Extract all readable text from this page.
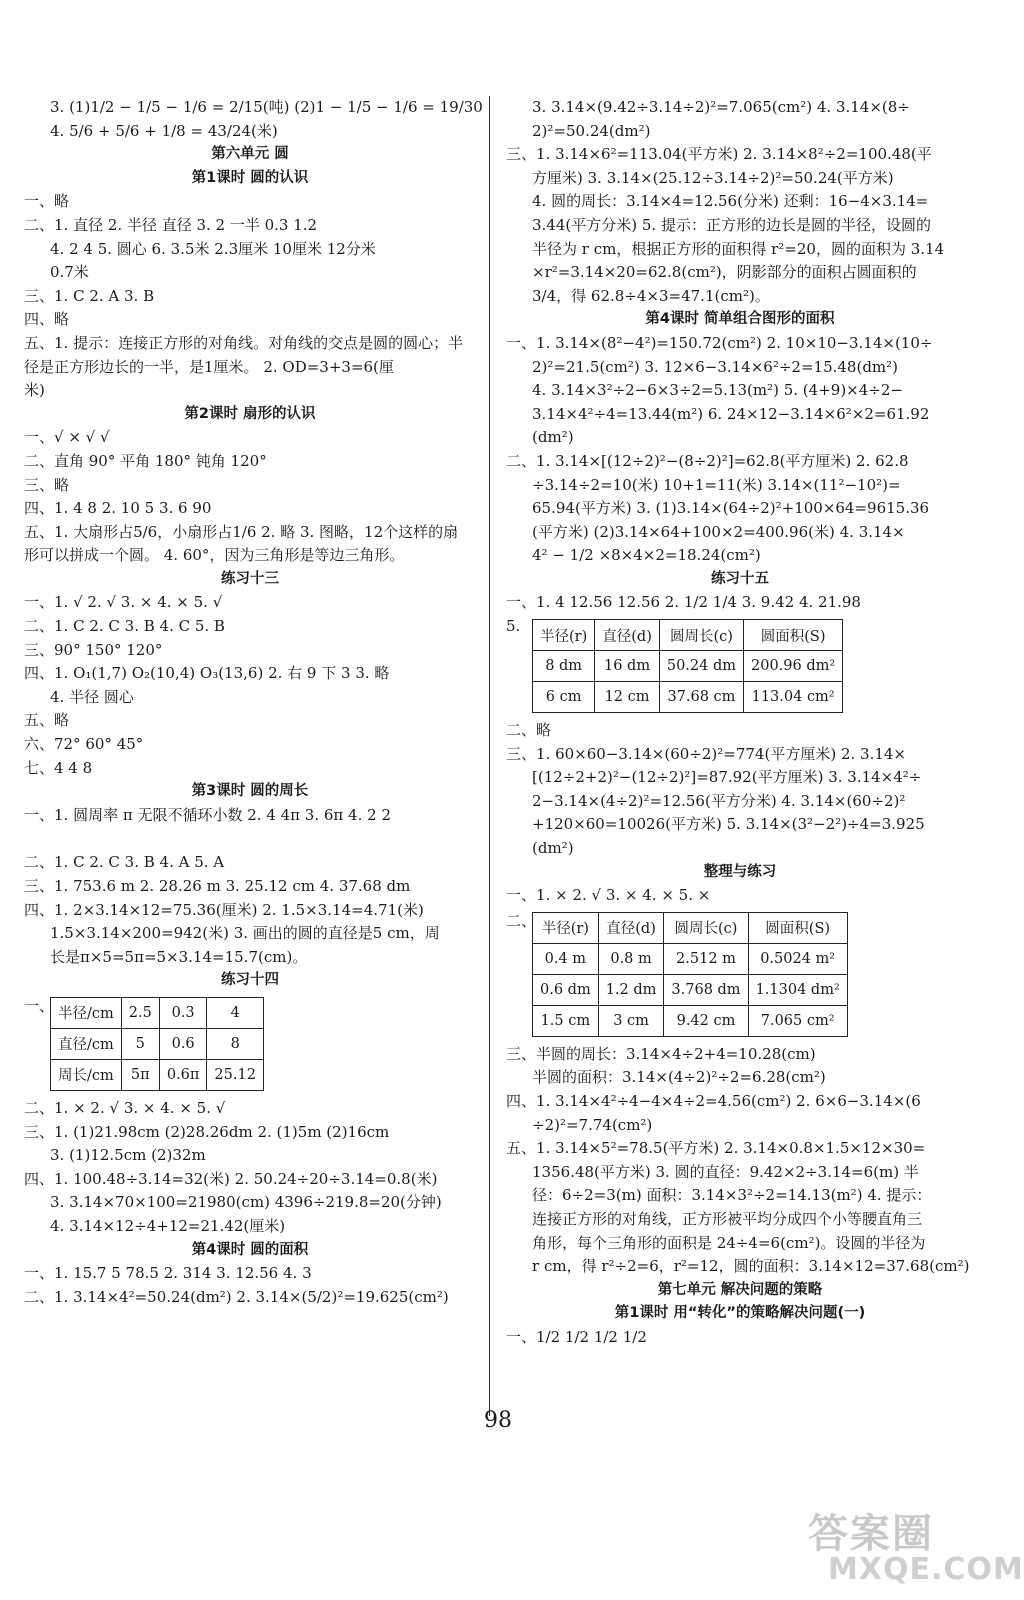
3. (1)1/2 − 1/5 − 1/6 = 2/15(吨) (2)1 − 1/5 − 1/6 = 19/30
4. 5/6 + 5/6 + 1/8 = 43/24(米)
第六单元 圆
第1课时 圆的认识
一、略
二、1. 直径 2. 半径 直径 3. 2 一半 0.3 1.2
4. 2 4 5. 圆心 6. 3.5米 2.3厘米 10厘米 12分米
0.7米
三、1. C 2. A 3. B
四、略
五、1. 提示：连接正方形的对角线。对角线的交点是圆的圆心；半
径是正方形边长的一半，是1厘米。 2. OD=3+3=6(厘
米)
第2课时 扇形的认识
一、√ × √ √
二、直角 90° 平角 180° 钝角 120°
三、略
四、1. 4 8 2. 10 5 3. 6 90
五、1. 大扇形占5/6，小扇形占1/6 2. 略 3. 图略，12个这样的扇
形可以拼成一个圆。 4. 60°，因为三角形是等边三角形。
练习十三
一、1. √ 2. √ 3. × 4. × 5. √
二、1. C 2. C 3. B 4. C 5. B
三、90° 150° 120°
四、1. O₁(1,7) O₂(10,4) O₃(13,6) 2. 右 9 下 3 3. 略
4. 半径 圆心
五、略
六、72° 60° 45°
七、4 4 8
第3课时 圆的周长
一、1. 圆周率 π 无限不循环小数 2. 4 4π 3. 6π 4. 2 2
二、1. C 2. C 3. B 4. A 5. A
三、1. 753.6 m 2. 28.26 m 3. 25.12 cm 4. 37.68 dm
四、1. 2×3.14×12=75.36(厘米) 2. 1.5×3.14=4.71(米)
1.5×3.14×200=942(米) 3. 画出的圆的直径是5 cm，周
长是π×5=5π=5×3.14=15.7(cm)。
练习十四
一、 半径/cm	2.5	0.3	4
直径/cm	5	0.6	8
周长/cm	5π	0.6π	25.12
二、1. × 2. √ 3. × 4. × 5. √
三、1. (1)21.98cm (2)28.26dm 2. (1)5m (2)16cm
3. (1)12.5cm (2)32m
四、1. 100.48÷3.14=32(米) 2. 50.24÷20÷3.14=0.8(米)
3. 3.14×70×100=21980(cm) 4396÷219.8=20(分钟)
4. 3.14×12÷4+12=21.42(厘米)
第4课时 圆的面积
一、1. 15.7 5 78.5 2. 314 3. 12.56 4. 3
二、1. 3.14×4²=50.24(dm²) 2. 3.14×(5/2)²=19.625(cm²)
3. 3.14×(9.42÷3.14÷2)²=7.065(cm²) 4. 3.14×(8÷
2)²=50.24(dm²)
三、1. 3.14×6²=113.04(平方米) 2. 3.14×8²÷2=100.48(平
方厘米) 3. 3.14×(25.12÷3.14÷2)²=50.24(平方米)
4. 圆的周长：3.14×4=12.56(分米) 还剩：16−4×3.14=
3.44(平方分米) 5. 提示：正方形的边长是圆的半径，设圆的
半径为 r cm，根据正方形的面积得 r²=20，圆的面积为 3.14
×r²=3.14×20=62.8(cm²)，阴影部分的面积占圆面积的
3/4，得 62.8÷4×3=47.1(cm²)。
第4课时 简单组合图形的面积
一、1. 3.14×(8²−4²)=150.72(cm²) 2. 10×10−3.14×(10÷
2)²=21.5(cm²) 3. 12×6−3.14×6²÷2=15.48(dm²)
4. 3.14×3²÷2−6×3÷2=5.13(m²) 5. (4+9)×4÷2−
3.14×4²÷4=13.44(m²) 6. 24×12−3.14×6²×2=61.92
(dm²)
二、1. 3.14×[(12÷2)²−(8÷2)²]=62.8(平方厘米) 2. 62.8
÷3.14÷2=10(米) 10+1=11(米) 3.14×(11²−10²)=
65.94(平方米) 3. (1)3.14×(64÷2)²+100×64=9615.36
(平方米) (2)3.14×64+100×2=400.96(米) 4. 3.14×
4² − 1/2 ×8×4×2=18.24(cm²)
练习十五
一、1. 4 12.56 12.56 2. 1/2 1/4 3. 9.42 4. 21.98
5.
半径(r)	直径(d)	圆周长(c)	圆面积(S)
8 dm	16 dm	50.24 dm	200.96 dm²
6 cm	12 cm	37.68 cm	113.04 cm²
二、略
三、1. 60×60−3.14×(60÷2)²=774(平方厘米) 2. 3.14×
[(12÷2+2)²−(12÷2)²]=87.92(平方厘米) 3. 3.14×4²÷
2−3.14×(4÷2)²=12.56(平方分米) 4. 3.14×(60÷2)²
+120×60=10026(平方米) 5. 3.14×(3²−2²)÷4=3.925
(dm²)
整理与练习
一、1. × 2. √ 3. × 4. × 5. ×
二、 半径(r)	直径(d)	圆周长(c)	圆面积(S)
0.4 m	0.8 m	2.512 m	0.5024 m²
0.6 dm	1.2 dm	3.768 dm	1.1304 dm²
1.5 cm	3 cm	9.42 cm	7.065 cm²
三、半圆的周长：3.14×4÷2+4=10.28(cm)
半圆的面积：3.14×(4÷2)²÷2=6.28(cm²)
四、1. 3.14×4²÷4−4×4÷2=4.56(cm²) 2. 6×6−3.14×(6
÷2)²=7.74(cm²)
五、1. 3.14×5²=78.5(平方米) 2. 3.14×0.8×1.5×12×30=
1356.48(平方米) 3. 圆的直径：9.42×2÷3.14=6(m) 半
径：6÷2=3(m) 面积：3.14×3²÷2=14.13(m²) 4. 提示：
连接正方形的对角线，正方形被平均分成四个小等腰直角三
角形，每个三角形的面积是 24÷4=6(cm²)。设圆的半径为
r cm，得 r²÷2=6，r²=12，圆的面积：3.14×12=37.68(cm²)
第七单元 解决问题的策略
第1课时 用“转化”的策略解决问题(一)
一、1/2 1/2 1/2 1/2
98
答案圈
MXQE.COM
